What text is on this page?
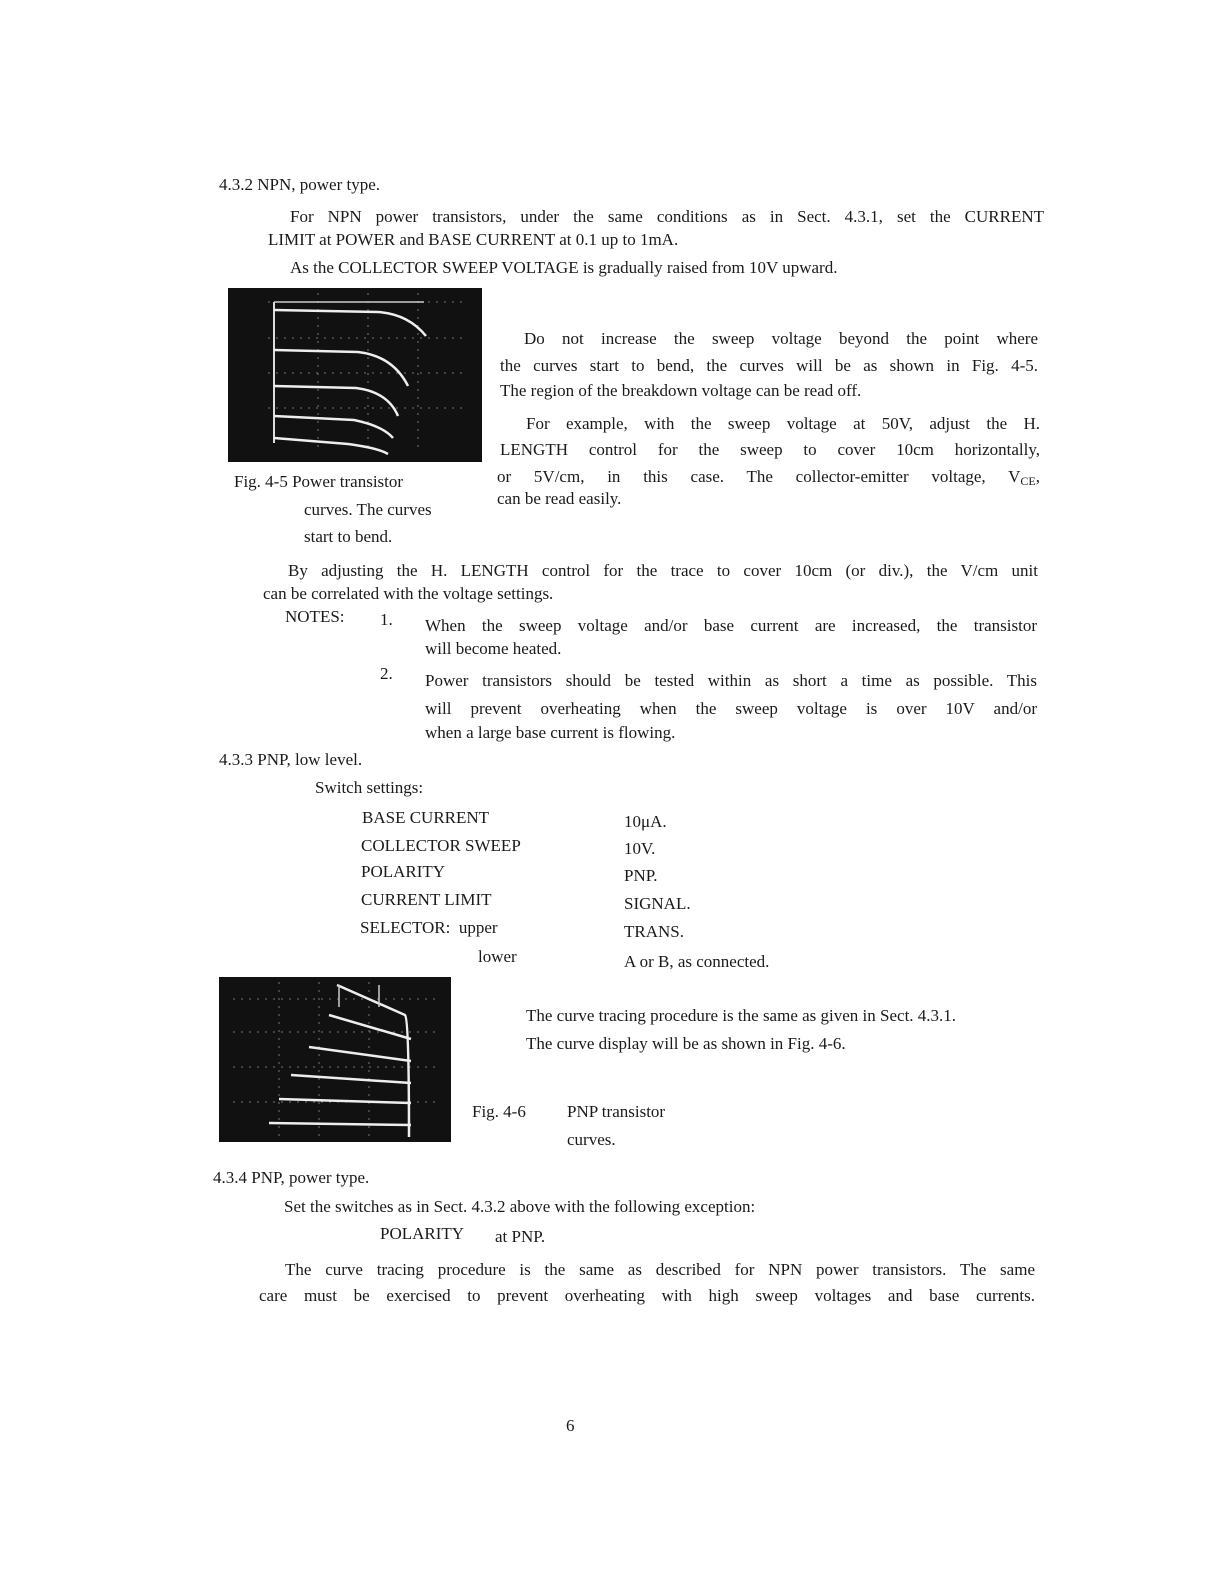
4.3.2 NPN, power type.
For NPN power transistors, under the same conditions as in Sect. 4.3.1, set the CURRENT
LIMIT at POWER and BASE CURRENT at 0.1 up to 1mA.
As the COLLECTOR SWEEP VOLTAGE is gradually raised from 10V upward.
Fig. 4-5 Power transistor
curves. The curves
start to bend.
Do not increase the sweep voltage beyond the point where
the curves start to bend, the curves will be as shown in Fig. 4-5.
The region of the breakdown voltage can be read off.
For example, with the sweep voltage at 50V, adjust the H.
LENGTH control for the sweep to cover 10cm horizontally,
or 5V/cm, in this case. The collector-emitter voltage, $V_{CE}$,
can be read easily.
By adjusting the H. LENGTH control for the trace to cover 10cm (or div.), the V/cm unit
can be correlated with the voltage settings.
NOTES: 1. When the sweep voltage and/or base current are increased, the transistor
will become heated.
2. Power transistors should be tested within as short a time as possible. This
will prevent overheating when the sweep voltage is over 10V and/or
when a large base current is flowing.
4.3.3 PNP, low level.
Switch settings:
BASE CURRENT	10μA.
COLLECTOR SWEEP	10V.
POLARITY	PNP.
CURRENT LIMIT	SIGNAL.
SELECTOR:  upper	TRANS.
lower	A or B, as connected.
The curve tracing procedure is the same as given in Sect. 4.3.1.
The curve display will be as shown in Fig. 4-6.
Fig. 4-6 PNP transistor
curves.
4.3.4 PNP, power type.
Set the switches as in Sect. 4.3.2 above with the following exception:
POLARITY at PNP.
The curve tracing procedure is the same as described for NPN power transistors. The same
care must be exercised to prevent overheating with high sweep voltages and base currents.
6
